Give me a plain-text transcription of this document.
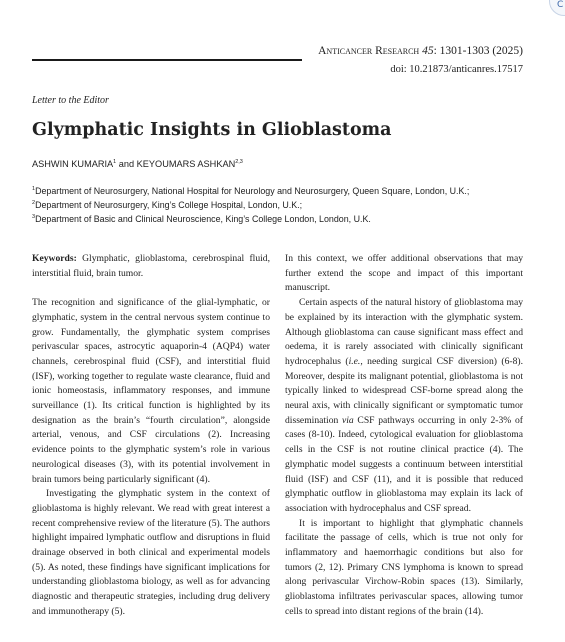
C
Anticancer Research 45: 1301-1303 (2025)
doi: 10.21873/anticanres.17517
Letter to the Editor
Glymphatic Insights in Glioblastoma
ASHWIN KUMARIA$^1$ and KEYOUMARS ASHKAN$^{2,3}$
$^1$Department of Neurosurgery, National Hospital for Neurology and Neurosurgery, Queen Square, London, U.K.;
$^2$Department of Neurosurgery, King’s College Hospital, London, U.K.;
$^3$Department of Basic and Clinical Neuroscience, King’s College London, London, U.K.

Keywords: Glymphatic, glioblastoma, cerebrospinal fluid, interstitial fluid, brain tumor.

The recognition and significance of the glial-lymphatic, or glymphatic, system in the central nervous system continue to grow. Fundamentally, the glymphatic system comprises perivascular spaces, astrocytic aquaporin-4 (AQP4) water channels, cerebrospinal fluid (CSF), and interstitial fluid (ISF), working together to regulate waste clearance, fluid and ionic homeostasis, inflammatory responses, and immune surveillance (1). Its critical function is highlighted by its designation as the brain’s “fourth circulation”, alongside arterial, venous, and CSF circulations (2). Increasing evidence points to the glymphatic system’s role in various neurological diseases (3), with its potential involvement in brain tumors being particularly significant (4).

Investigating the glymphatic system in the context of glioblastoma is highly relevant. We read with great interest a recent comprehensive review of the literature (5). The authors highlight impaired lymphatic outflow and disruptions in fluid drainage observed in both clinical and experimental models (5). As noted, these findings have significant implications for understanding glioblastoma biology, as well as for advancing diagnostic and therapeutic strategies, including drug delivery and immunotherapy (5).

In this context, we offer additional observations that may further extend the scope and impact of this important manuscript.

Certain aspects of the natural history of glioblastoma may be explained by its interaction with the glymphatic system. Although glioblastoma can cause significant mass effect and oedema, it is rarely associated with clinically significant hydrocephalus (i.e., needing surgical CSF diversion) (6-8). Moreover, despite its malignant potential, glioblastoma is not typically linked to widespread CSF-borne spread along the neural axis, with clinically significant or symptomatic tumor dissemination via CSF pathways occurring in only 2-3% of cases (8-10). Indeed, cytological evaluation for glioblastoma cells in the CSF is not routine clinical practice (4). The glymphatic model suggests a continuum between interstitial fluid (ISF) and CSF (11), and it is possible that reduced glymphatic outflow in glioblastoma may explain its lack of association with hydrocephalus and CSF spread.

It is important to highlight that glymphatic channels facilitate the passage of cells, which is true not only for inflammatory and haemorrhagic conditions but also for tumors (2, 12). Primary CNS lymphoma is known to spread along perivascular Virchow-Robin spaces (13). Similarly, glioblastoma infiltrates perivascular spaces, allowing tumor cells to spread into distant regions of the brain (14).
